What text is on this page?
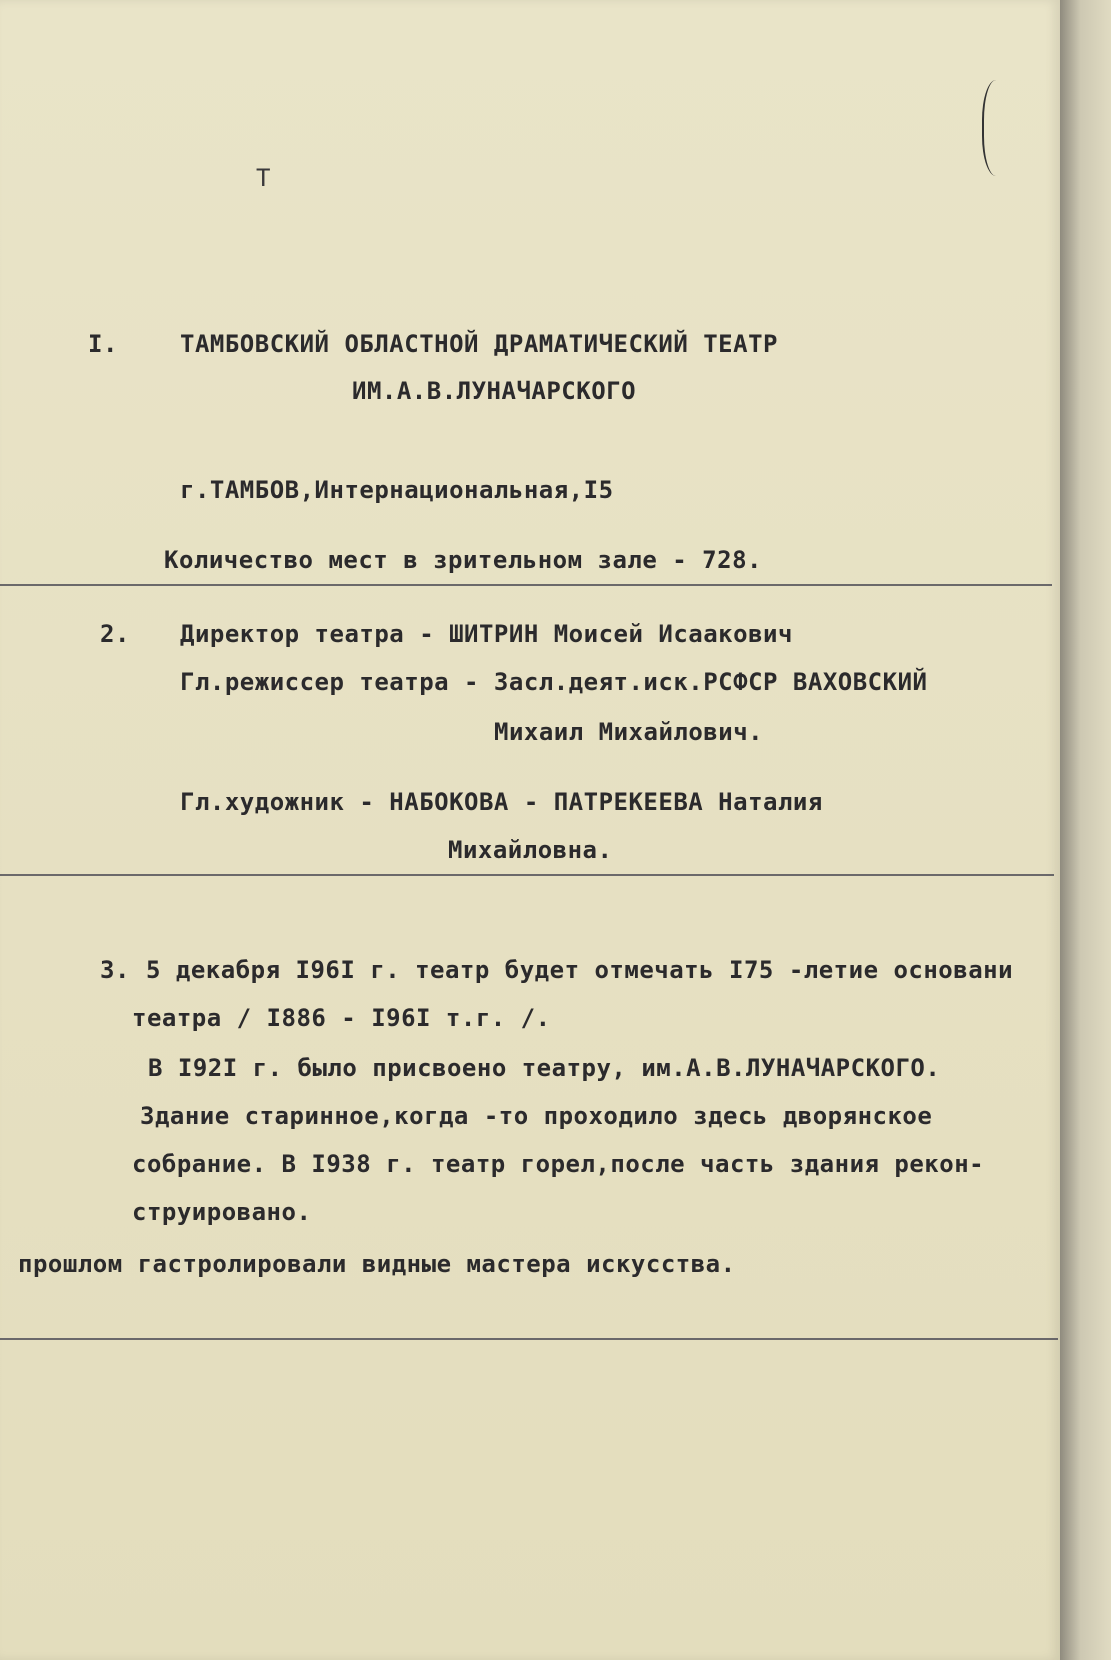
Т
I.	ТАМБОВСКИЙ ОБЛАСТНОЙ ДРАМАТИЧЕСКИЙ ТЕАТР
ИМ.А.В.ЛУНАЧАРСКОГО
г.ТАМБОВ,Интернациональная,I5
Количество мест в зрительном зале - 728.
2. Директор театра - ШИТРИН Моисей Исаакович
Гл.режиссер театра - Засл.деят.иск.РСФСР ВАХОВСКИЙ
Михаил Михайлович.
Гл.художник - НАБОКОВА - ПАТРЕКЕЕВА Наталия
Михайловна.
3. 5 декабря I96I г. театр будет отмечать I75 -летие основани
театра / I886 - I96I т.г. /.
В I92I г. было присвоено театру, им.А.В.ЛУНАЧАРСКОГО.
Здание старинное,когда -то проходило здесь дворянское
собрание. В I938 г. театр горел,после часть здания рекон-
струировано.
прошлом гастролировали видные мастера искусства.
